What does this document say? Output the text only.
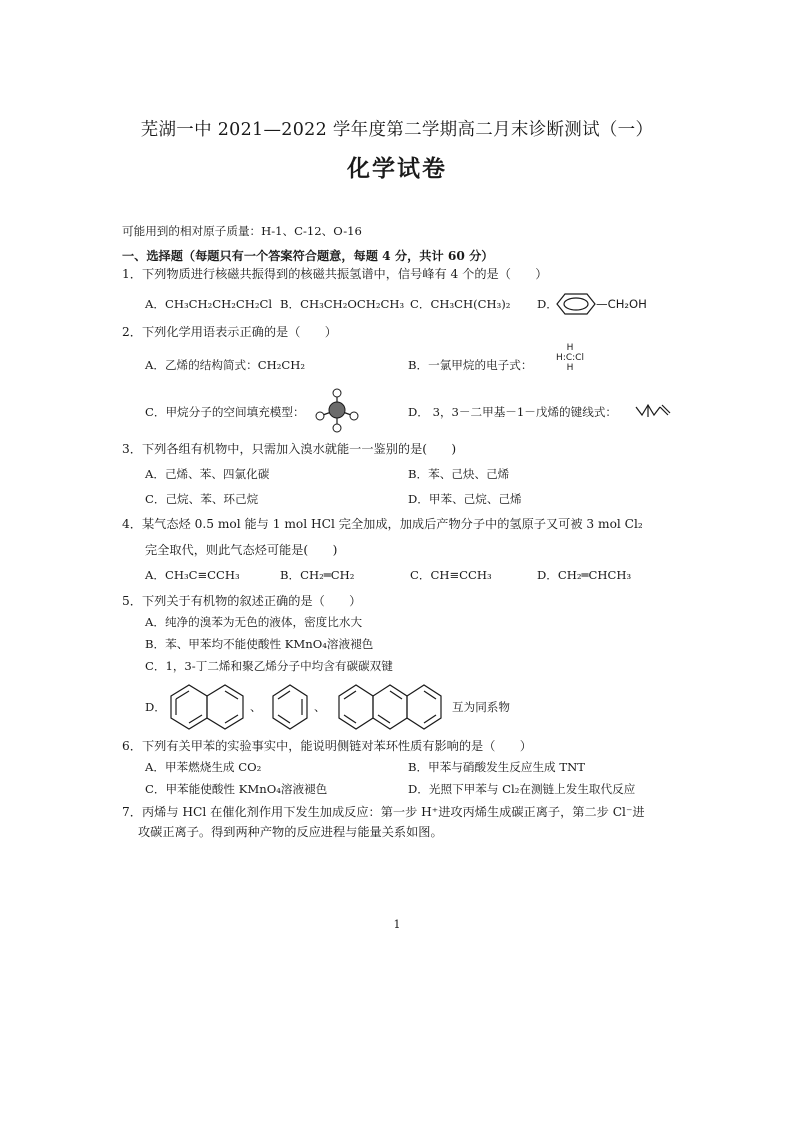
芜湖一中 2021—2022 学年度第二学期高二月末诊断测试（一）
化学试卷
可能用到的相对原子质量：H-1、C-12、O-16
一、选择题（每题只有一个答案符合题意，每题 4 分，共计 60 分）
1．下列物质进行核磁共振得到的核磁共振氢谱中，信号峰有 4 个的是（　　）
A．CH₃CH₂CH₂CH₂Cl B．CH₃CH₂OCH₂CH₃ C．CH₃CH(CH₃)₂ D．	—CH₂OH
2．下列化学用语表示正确的是（　　）
A．乙烯的结构简式：CH₂CH₂	B．一氯甲烷的电子式：
H
H:C:Cl
H
C．甲烷分子的空间填充模型：	D． 3，3－二甲基－1－戊烯的键线式：
3．下列各组有机物中，只需加入溴水就能一一鉴别的是(　　)
A．己烯、苯、四氯化碳	B．苯、己炔、己烯
C．己烷、苯、环己烷	D．甲苯、己烷、己烯
4．某气态烃 0.5 mol 能与 1 mol HCl 完全加成，加成后产物分子中的氢原子又可被 3 mol Cl₂
完全取代，则此气态烃可能是(　　)
A．CH₃C≡CCH₃	B．CH₂═CH₂	C．CH≡CCH₃	D．CH₂═CHCH₃
5．下列关于有机物的叙述正确的是（　　）
A．纯净的溴苯为无色的液体，密度比水大
B．苯、甲苯均不能使酸性 KMnO₄溶液褪色
C．1，3-丁二烯和聚乙烯分子中均含有碳碳双键
D．	、	、	互为同系物
6．下列有关甲苯的实验事实中，能说明侧链对苯环性质有影响的是（　　）
A．甲苯燃烧生成 CO₂	B．甲苯与硝酸发生反应生成 TNT
C．甲苯能使酸性 KMnO₄溶液褪色	D．光照下甲苯与 Cl₂在测链上发生取代反应
7．丙烯与 HCl 在催化剂作用下发生加成反应：第一步 H⁺进攻丙烯生成碳正离子，第二步 Cl⁻进
攻碳正离子。得到两种产物的反应进程与能量关系如图。
1
